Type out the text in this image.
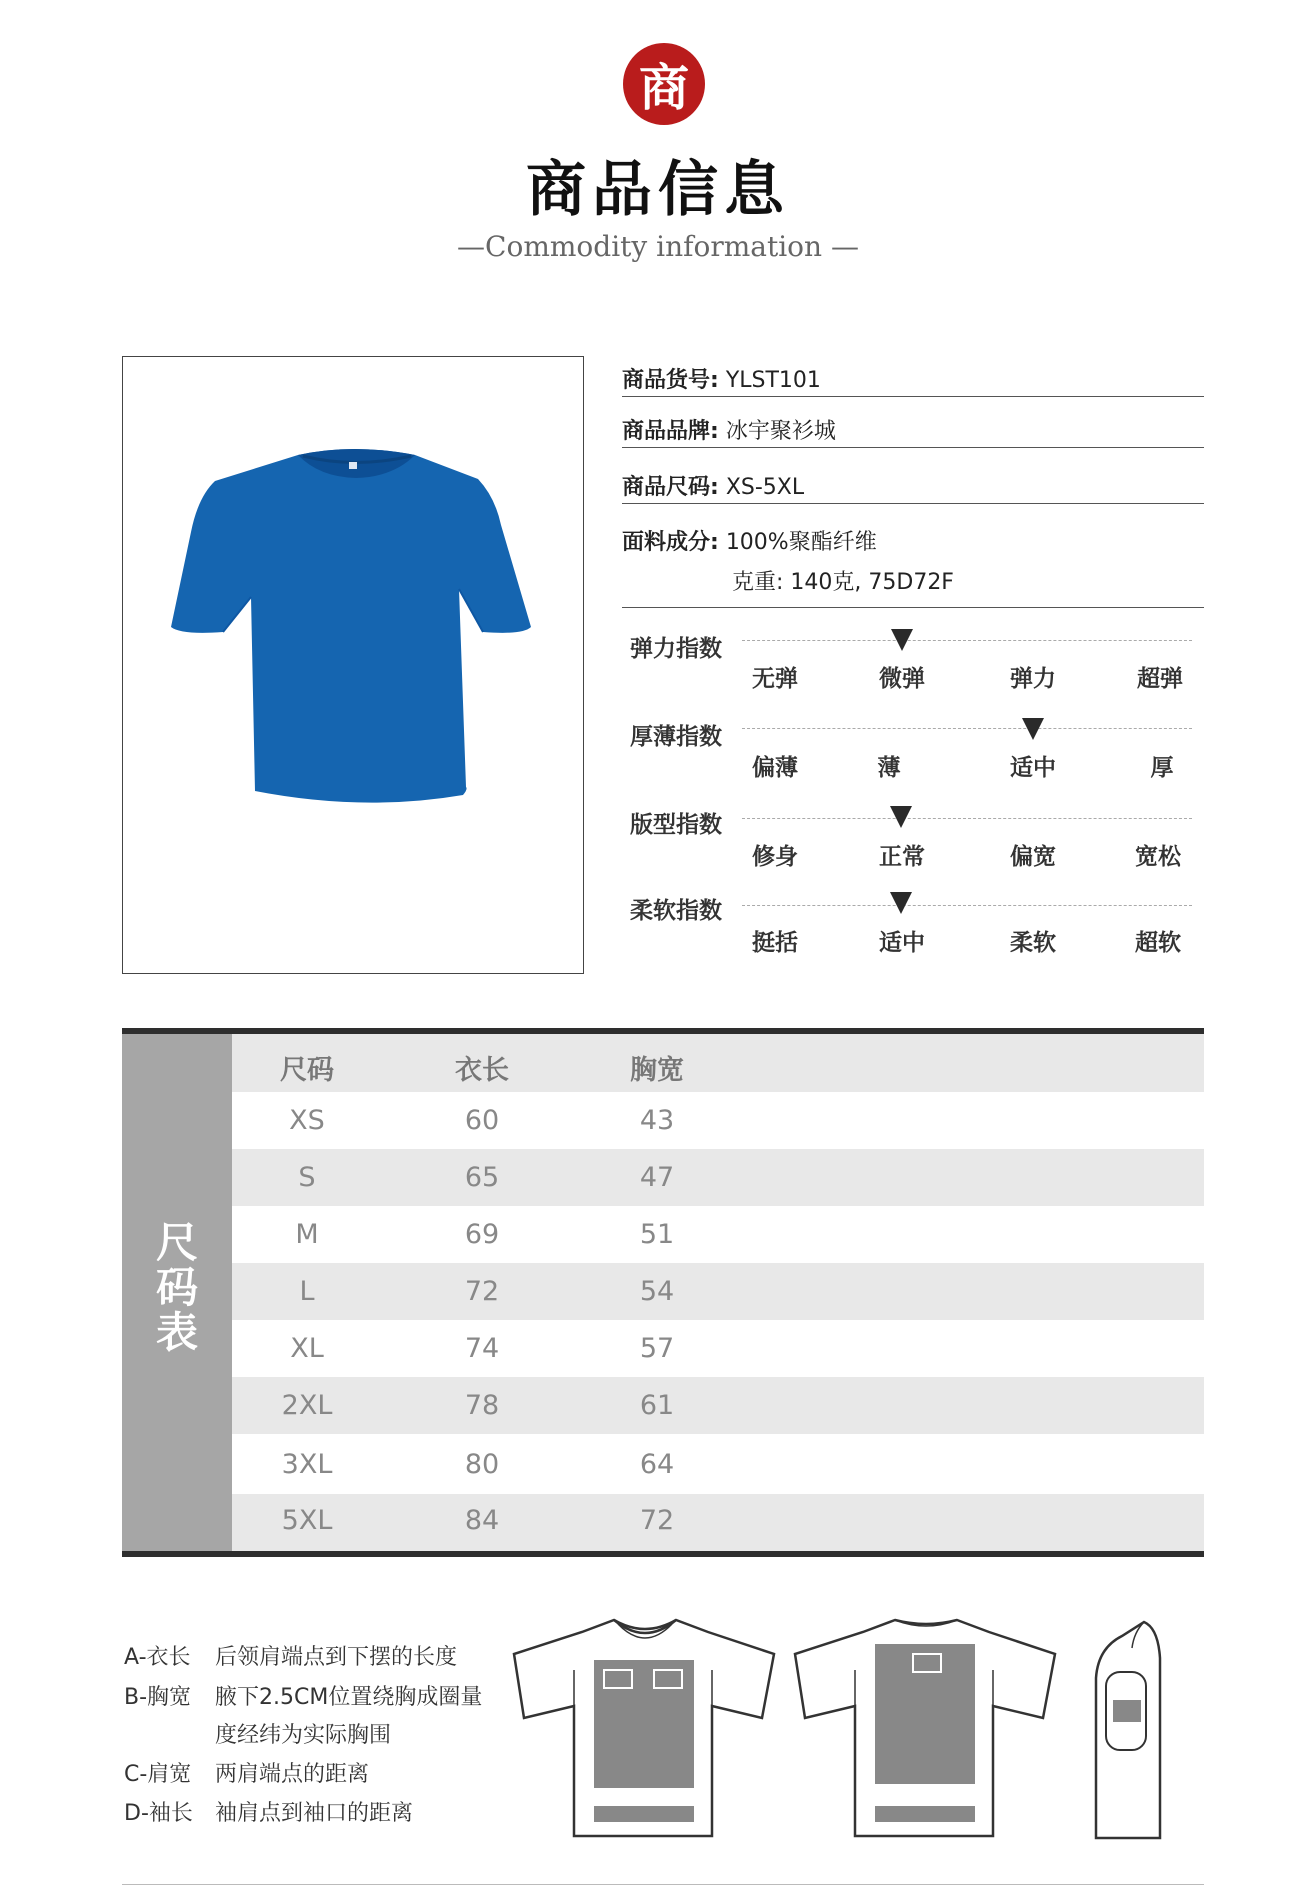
商
商品信息
—Commodity information —
商品货号: YLST101
商品品牌: 冰宇聚衫城
商品尺码: XS-5XL
面料成分: 100%聚酯纤维
克重: 140克, 75D72F
弹力指数
无弹	微弹	弹力	超弹
厚薄指数
偏薄	薄	适中	厚
版型指数
修身	正常	偏宽	宽松
柔软指数
挺括	适中	柔软	超软
尺码表
尺码	衣长	胸宽
XS	60	43
S	65	47
M	69	51
L	72	54
XL	74	57
2XL	78	61
3XL	80	64
5XL	84	72
A-衣长 后领肩端点到下摆的长度
B-胸宽 腋下2.5CM位置绕胸成圈量
度经纬为实际胸围
C-肩宽 两肩端点的距离
D-袖长 袖肩点到袖口的距离
